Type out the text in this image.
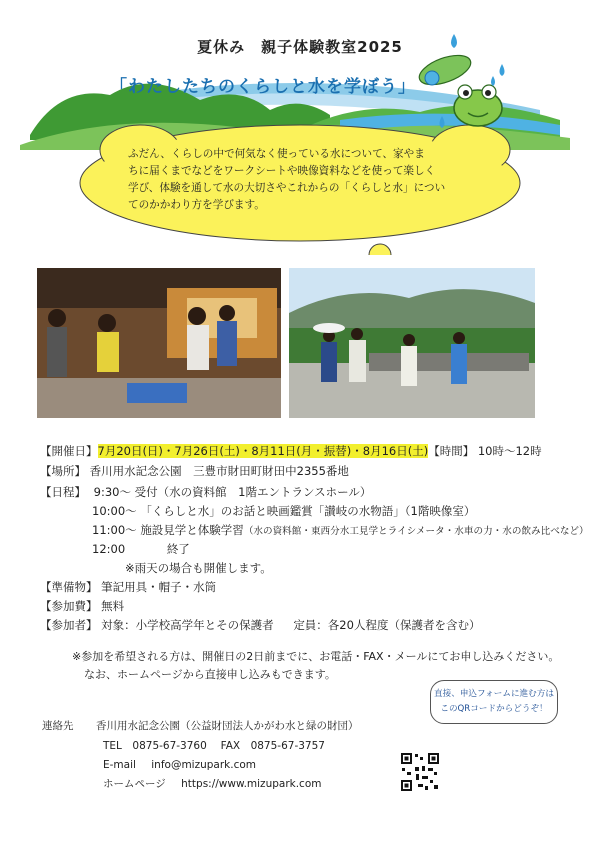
夏休み　親子体験教室2025
「わたしたちのくらしと水を学ぼう」
ふだん、くらしの中で何気なく使っている水について、家やま
ちに届くまでなどをワークシートや映像資料などを使って楽しく
学び、体験を通して水の大切さやこれからの「くらしと水」につい
てのかかわり方を学びます。
【開催日】7月20日(日)・7月26日(土)・8月11日(月・振替)・8月16日(土)【時間】 10時～12時
【場所】 香川用水記念公園　三豊市財田町財田中2355番地
【日程】 9:30～ 受付（水の資料館　1階エントランスホール）
10:00～ 「くらしと水」のお話と映画鑑賞「讃岐の水物語」（1階映像室）
11:00～ 施設見学と体験学習（水の資料館・東西分水工見学とライシメータ・水車の力・水の飲み比べなど）
12:00	終了
※雨天の場合も開催します。
【準備物】 筆記用具・帽子・水筒
【参加費】 無料
【参加者】 対象：小学校高学年とその保護者 定員：各20人程度（保護者を含む）
※参加を希望される方は、開催日の2日前までに、お電話・FAX・メールにてお申し込みください。
なお、ホームページから直接申し込みもできます。
直接、申込フォームに進む方は
このQRコードからどうぞ！
連絡先 香川用水記念公園（公益財団法人かがわ水と緑の財団）
TEL　0875-67-3760　 FAX　0875-67-3757
E-mail info@mizupark.com
ホームページ https://www.mizupark.com
